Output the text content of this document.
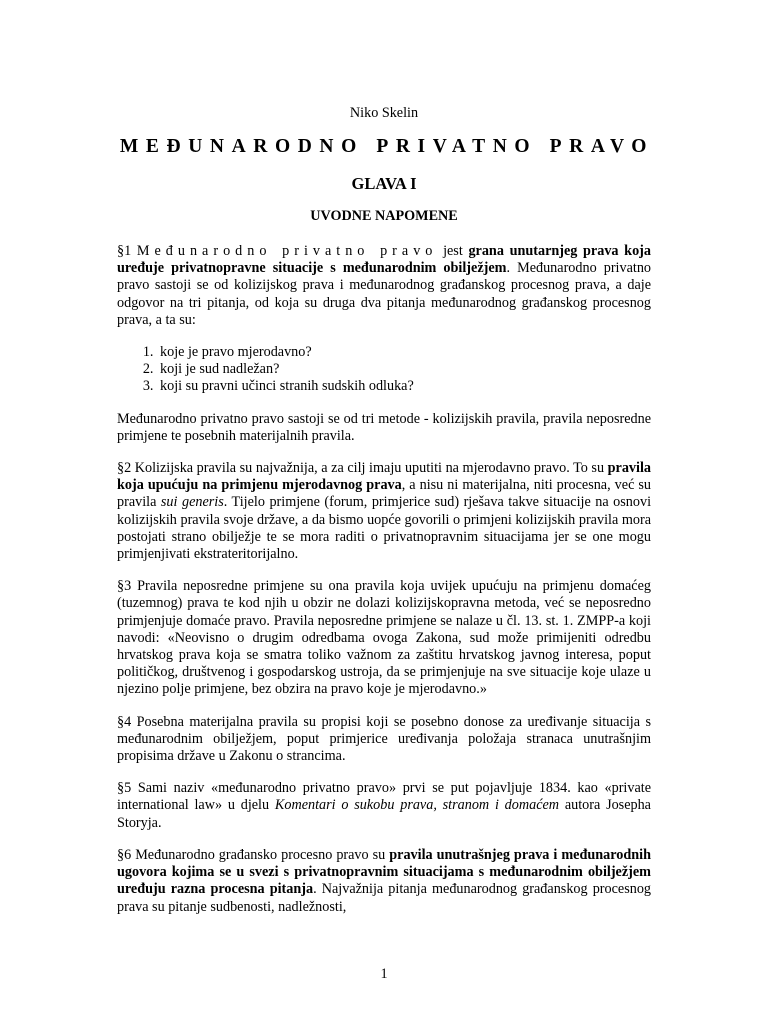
Niko Skelin
MEĐUNARODNO PRIVATNO PRAVO
GLAVA I
UVODNE NAPOMENE

§1 Međunarodno privatno pravo jest grana unutarnjeg prava koja uređuje privatnopravne situacije s međunarodnim obilježjem. Međunarodno privatno pravo sastoji se od kolizijskog prava i međunarodnog građanskog procesnog prava, a daje odgovor na tri pitanja, od koja su druga dva pitanja međunarodnog građanskog procesnog prava, a ta su:

1. koje je pravo mjerodavno?
2. koji je sud nadležan?
3. koji su pravni učinci stranih sudskih odluka?

Međunarodno privatno pravo sastoji se od tri metode - kolizijskih pravila, pravila neposredne primjene te posebnih materijalnih pravila.

§2 Kolizijska pravila su najvažnija, a za cilj imaju uputiti na mjerodavno pravo. To su pravila koja upućuju na primjenu mjerodavnog prava, a nisu ni materijalna, niti procesna, već su pravila sui generis. Tijelo primjene (forum, primjerice sud) rješava takve situacije na osnovi kolizijskih pravila svoje države, a da bismo uopće govorili o primjeni kolizijskih pravila mora postojati strano obilježje te se mora raditi o privatnopravnim situacijama jer se one mogu primjenjivati ekstrateritorijalno.

§3 Pravila neposredne primjene su ona pravila koja uvijek upućuju na primjenu domaćeg (tuzemnog) prava te kod njih u obzir ne dolazi kolizijskopravna metoda, već se neposredno primjenjuje domaće pravo. Pravila neposredne primjene se nalaze u čl. 13. st. 1. ZMPP-a koji navodi: «Neovisno o drugim odredbama ovoga Zakona, sud može primijeniti odredbu hrvatskog prava koja se smatra toliko važnom za zaštitu hrvatskog javnog interesa, poput političkog, društvenog i gospodarskog ustroja, da se primjenjuje na sve situacije koje ulaze u njezino polje primjene, bez obzira na pravo koje je mjerodavno.»

§4 Posebna materijalna pravila su propisi koji se posebno donose za uređivanje situacija s međunarodnim obilježjem, poput primjerice uređivanja položaja stranaca unutrašnjim propisima države u Zakonu o strancima.

§5 Sami naziv «međunarodno privatno pravo» prvi se put pojavljuje 1834. kao «private international law» u djelu Komentari o sukobu prava, stranom i domaćem autora Josepha Storyja.

§6 Međunarodno građansko procesno pravo su pravila unutrašnjeg prava i međunarodnih ugovora kojima se u svezi s privatnopravnim situacijama s međunarodnim obilježjem uređuju razna procesna pitanja. Najvažnija pitanja međunarodnog građanskog procesnog prava su pitanje sudbenosti, nadležnosti,

1
